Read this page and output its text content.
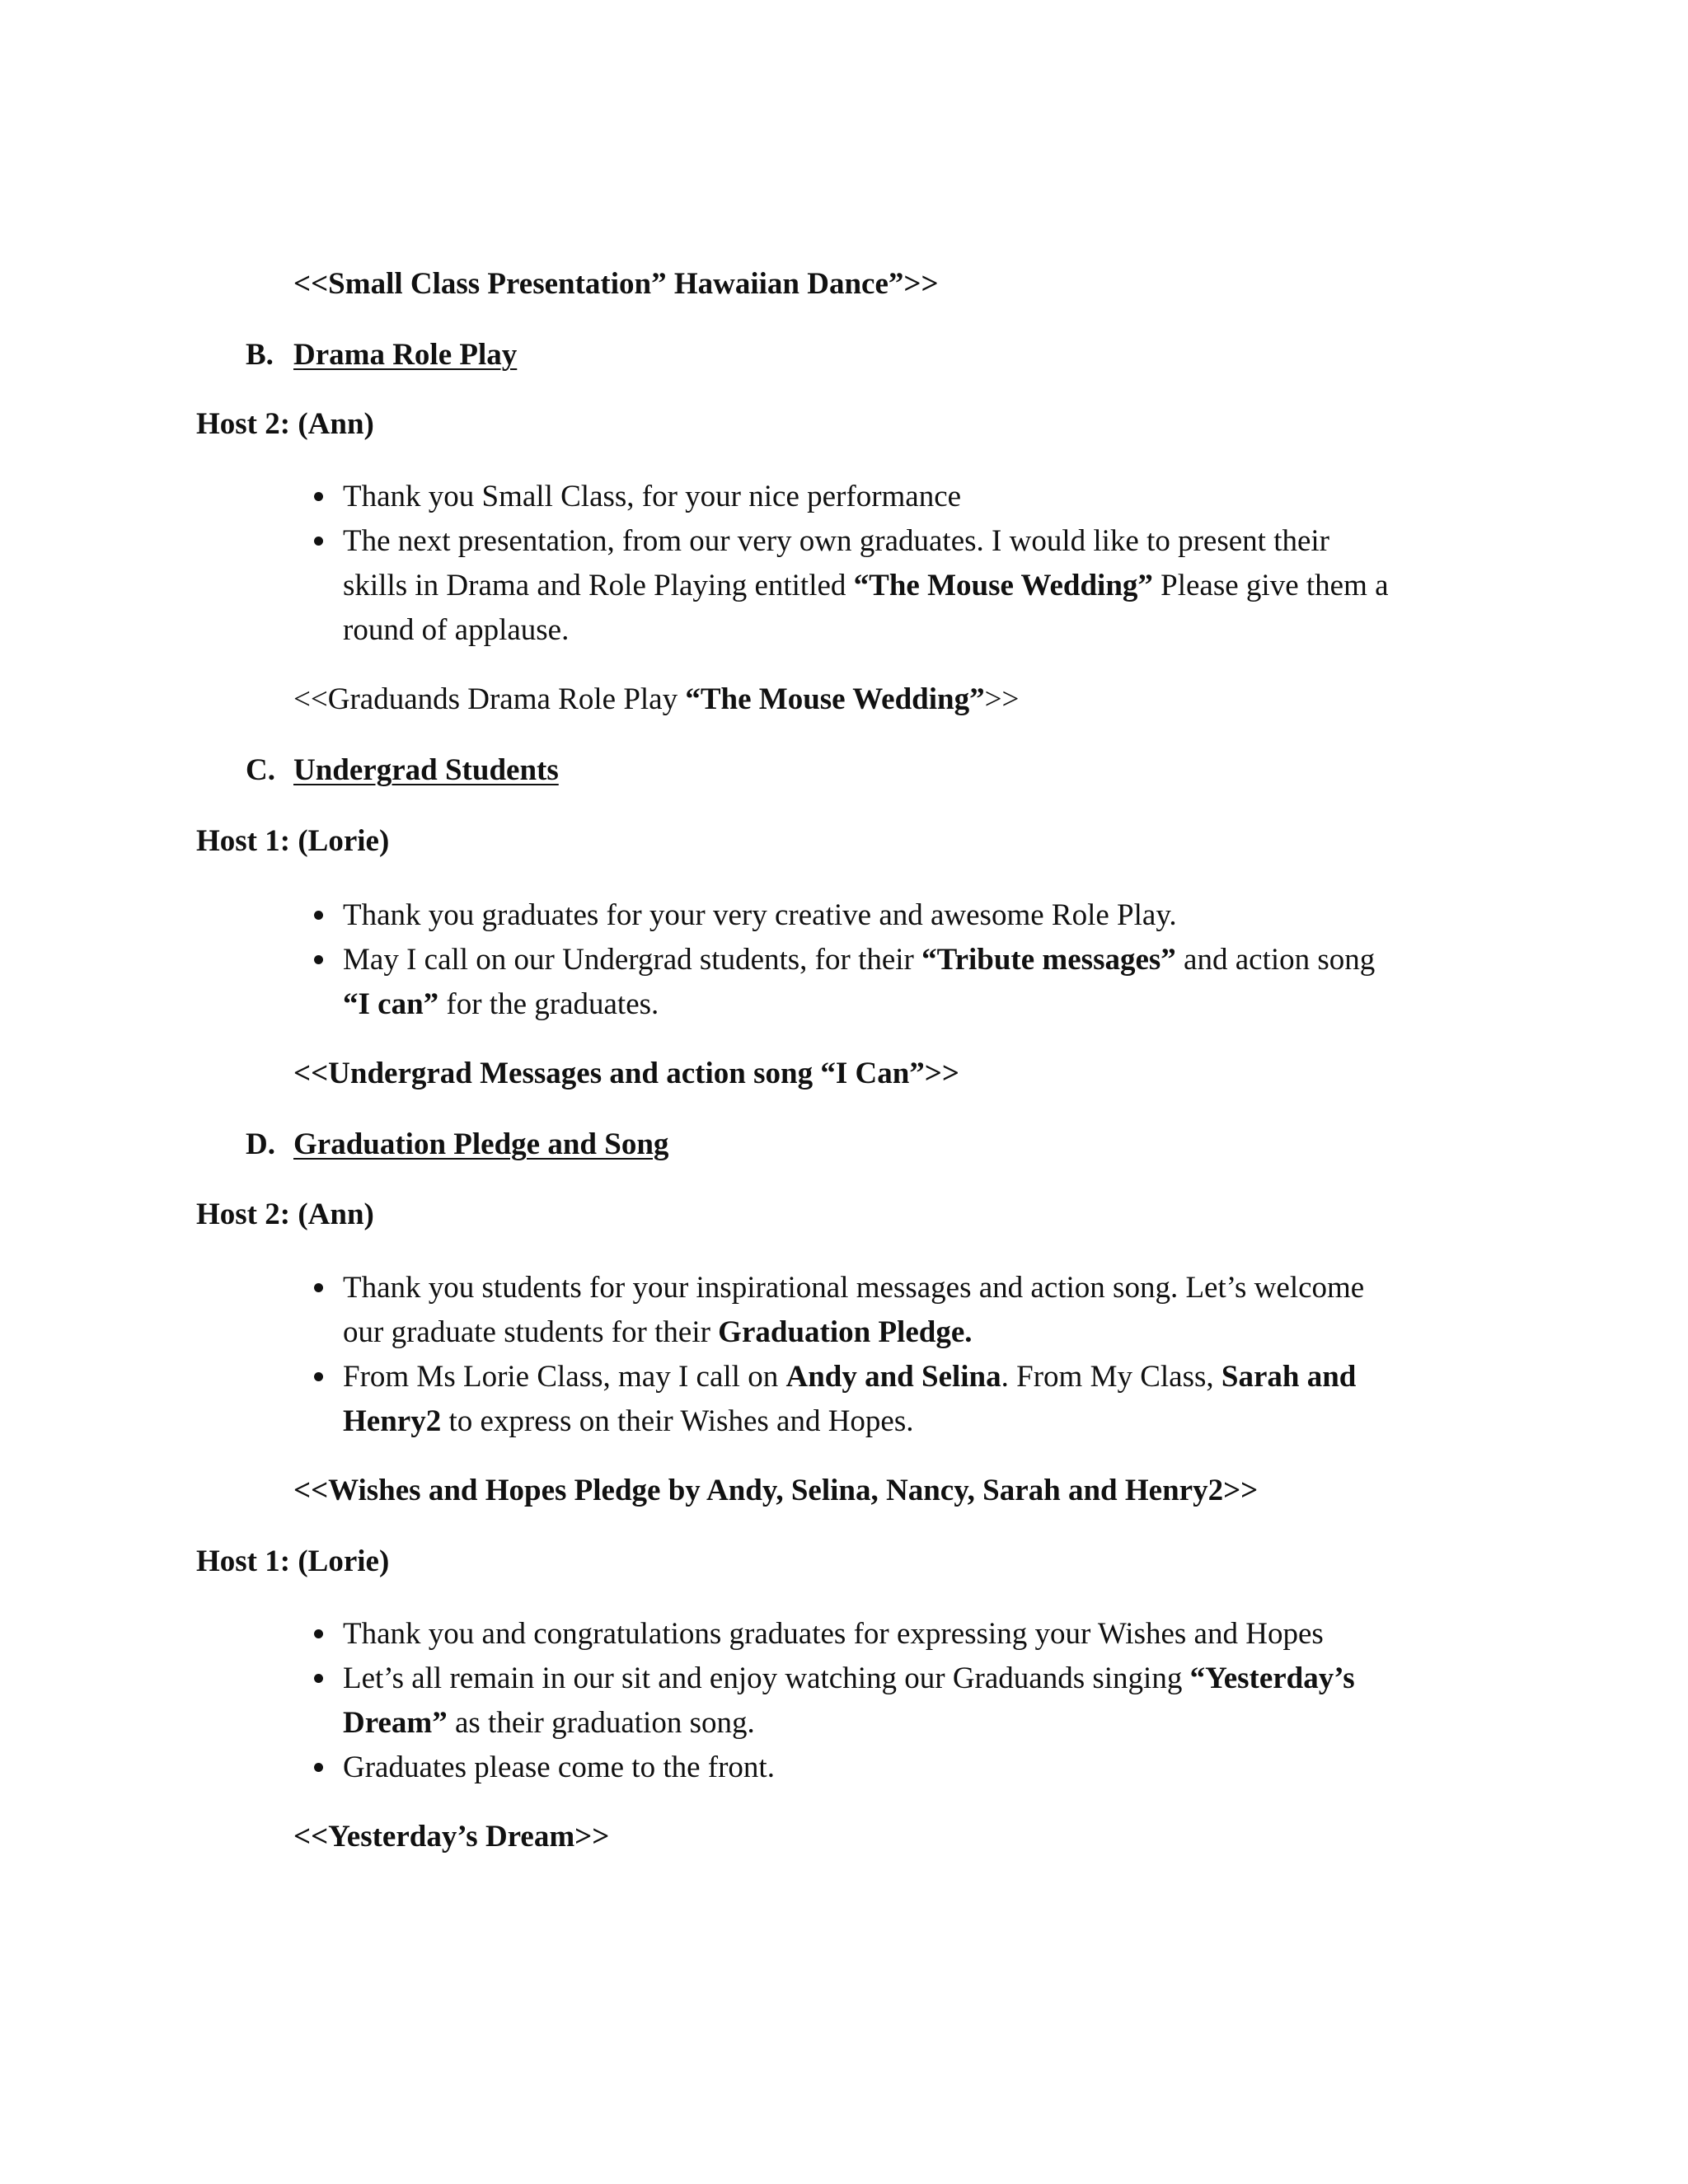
<<Small Class Presentation” Hawaiian Dance”>>
B. Drama Role Play
Host 2: (Ann)
Thank you Small Class, for your nice performance
The next presentation, from our very own graduates. I would like to present their
skills in Drama and Role Playing entitled “The Mouse Wedding” Please give them a
round of applause.
<<Graduands Drama Role Play “The Mouse Wedding”>>
C. Undergrad Students
Host 1: (Lorie)
Thank you graduates for your very creative and awesome Role Play.
May I call on our Undergrad students, for their “Tribute messages” and action song
“I can” for the graduates.
<<Undergrad Messages and action song “I Can”>>
D. Graduation Pledge and Song
Host 2: (Ann)
Thank you students for your inspirational messages and action song. Let’s welcome
our graduate students for their Graduation Pledge.
From Ms Lorie Class, may I call on Andy and Selina. From My Class, Sarah and
Henry2 to express on their Wishes and Hopes.
<<Wishes and Hopes Pledge by Andy, Selina, Nancy, Sarah and Henry2>>
Host 1: (Lorie)
Thank you and congratulations graduates for expressing your Wishes and Hopes
Let’s all remain in our sit and enjoy watching our Graduands singing “Yesterday’s
Dream” as their graduation song.
Graduates please come to the front.
<<Yesterday’s Dream>>
